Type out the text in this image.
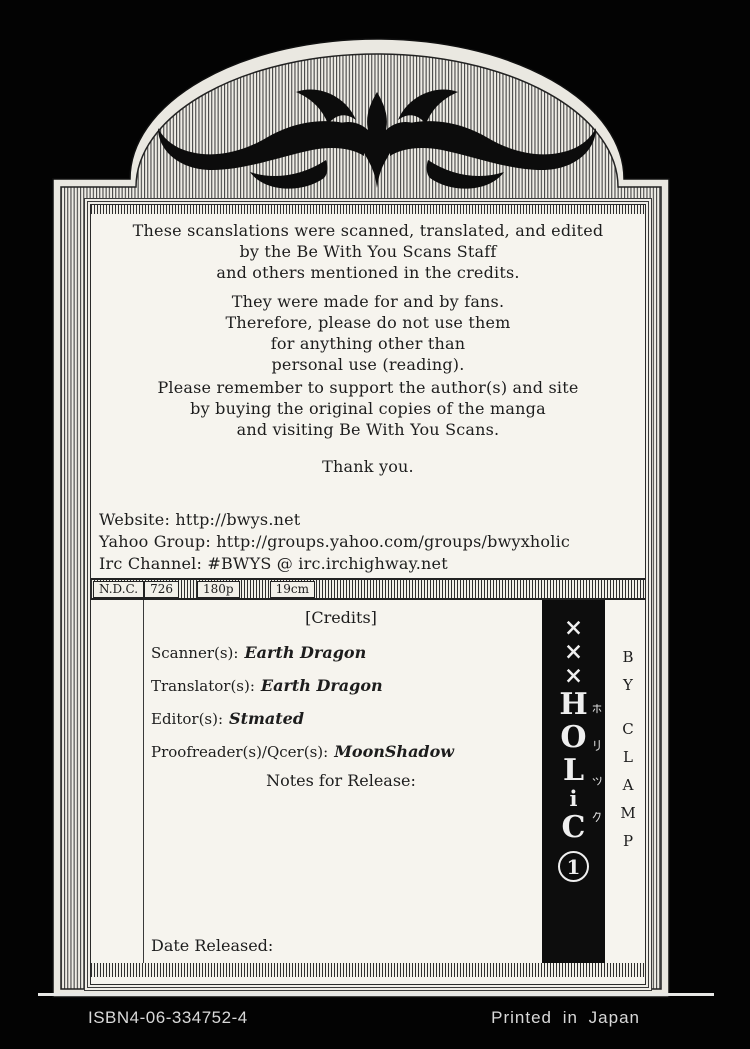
These scanslations were scanned, translated, and edited
by the Be With You Scans Staff
and others mentioned in the credits.

They were made for and by fans.
Therefore, please do not use them
for anything other than
personal use (reading).

Please remember to support the author(s) and site
by buying the original copies of the manga
and visiting Be With You Scans.

Thank you.

Website: http://bwys.net
Yahoo Group: http://groups.yahoo.com/groups/bwyxholic
Irc Channel: #BWYS @ irc.irchighway.net
N.D.C. 726	180p	19cm
[Credits]
Scanner(s): Earth Dragon
Translator(s): Earth Dragon
Editor(s): Stmated
Proofreader(s)/Qcer(s): MoonShadow
Notes for Release:
Date Released:
×
×
×
H
O
L
i
C
1
B
Y
C
L
A
M
P
ISBN4-06-334752-4	Printed in Japan
